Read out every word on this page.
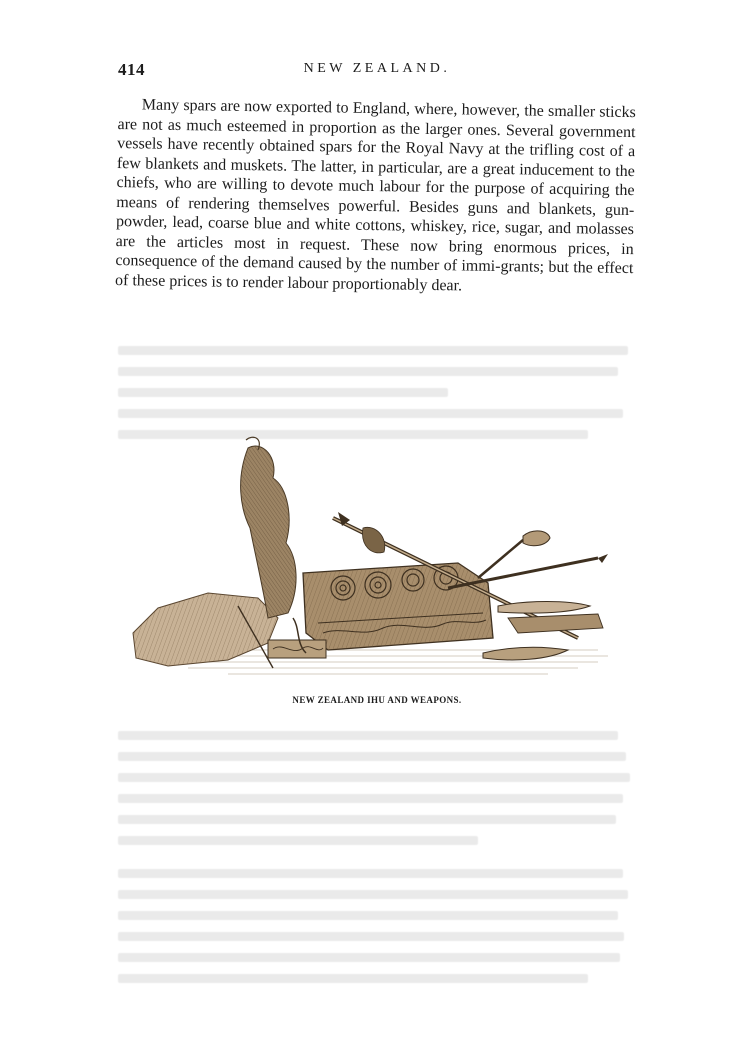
414	NEW ZEALAND.

Many spars are now exported to England, where, however, the smaller sticks are not as much esteemed in proportion as the larger ones. Several government vessels have recently obtained spars for the Royal Navy at the trifling cost of a few blankets and muskets. The latter, in particular, are a great inducement to the chiefs, who are willing to devote much labour for the purpose of acquiring the means of rendering themselves powerful. Besides guns and blankets, gun-powder, lead, coarse blue and white cottons, whiskey, rice, sugar, and molasses are the articles most in request. These now bring enormous prices, in consequence of the demand caused by the number of immi-grants; but the effect of these prices is to render labour proportionably dear.

NEW ZEALAND IHU AND WEAPONS.
